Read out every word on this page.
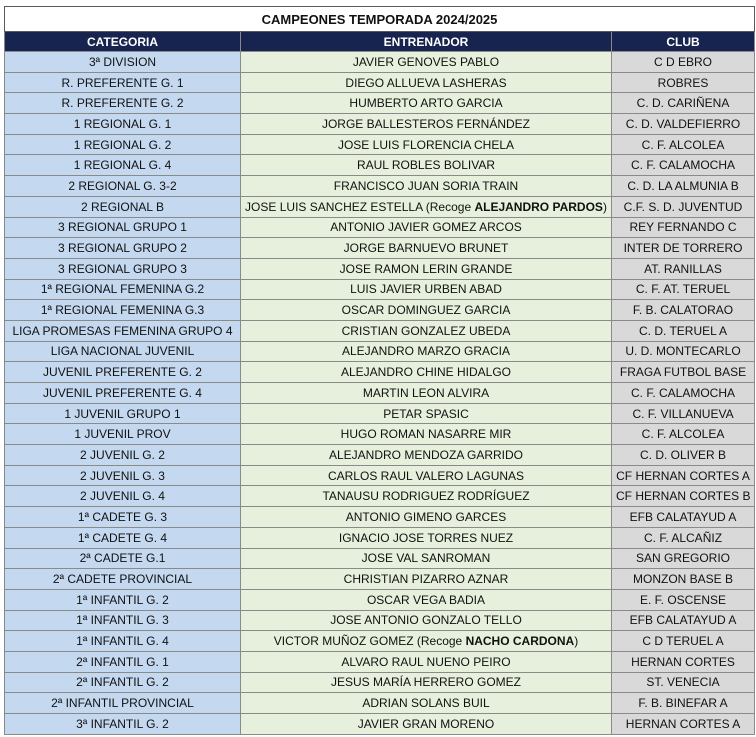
CAMPEONES TEMPORADA 2024/2025		
CATEGORIA	ENTRENADOR	CLUB
3ª DIVISION	JAVIER GENOVES PABLO	C D EBRO
R. PREFERENTE G. 1	DIEGO ALLUEVA LASHERAS	ROBRES
R. PREFERENTE G. 2	HUMBERTO ARTO GARCIA	C. D. CARIÑENA
1 REGIONAL G. 1	JORGE BALLESTEROS FERNÁNDEZ	C. D. VALDEFIERRO
1 REGIONAL G. 2	JOSE LUIS FLORENCIA CHELA	C. F. ALCOLEA
1 REGIONAL G. 4	RAUL ROBLES BOLIVAR	C. F. CALAMOCHA
2 REGIONAL G. 3-2	FRANCISCO JUAN SORIA TRAIN	C. D. LA ALMUNIA B
2 REGIONAL B	JOSE LUIS SANCHEZ ESTELLA (Recoge ALEJANDRO PARDOS)	C.F. S. D. JUVENTUD
3 REGIONAL GRUPO 1	ANTONIO JAVIER GOMEZ ARCOS	REY FERNANDO C
3 REGIONAL GRUPO 2	JORGE BARNUEVO BRUNET	INTER DE TORRERO
3 REGIONAL GRUPO 3	JOSE RAMON LERIN GRANDE	AT. RANILLAS
1ª REGIONAL FEMENINA G.2	LUIS JAVIER URBEN ABAD	C. F. AT. TERUEL
1ª REGIONAL FEMENINA G.3	OSCAR DOMINGUEZ GARCIA	F. B. CALATORAO
LIGA PROMESAS FEMENINA GRUPO 4	CRISTIAN GONZALEZ UBEDA	C. D. TERUEL A
LIGA NACIONAL JUVENIL	ALEJANDRO MARZO GRACIA	U. D. MONTECARLO
JUVENIL PREFERENTE G. 2	ALEJANDRO CHINE HIDALGO	FRAGA FUTBOL BASE
JUVENIL PREFERENTE G. 4	MARTIN LEON ALVIRA	C. F. CALAMOCHA
1 JUVENIL GRUPO 1	PETAR SPASIC	C. F. VILLANUEVA
1 JUVENIL PROV	HUGO ROMAN NASARRE MIR	C. F. ALCOLEA
2 JUVENIL G. 2	ALEJANDRO MENDOZA GARRIDO	C. D. OLIVER B
2 JUVENIL G. 3	CARLOS RAUL VALERO LAGUNAS	CF HERNAN CORTES A
2 JUVENIL G. 4	TANAUSU RODRIGUEZ RODRÍGUEZ	CF HERNAN CORTES B
1ª CADETE G. 3	ANTONIO GIMENO GARCES	EFB CALATAYUD A
1ª CADETE G. 4	IGNACIO JOSE TORRES NUEZ	C. F. ALCAÑIZ
2ª CADETE G.1	JOSE VAL SANROMAN	SAN GREGORIO
2ª CADETE PROVINCIAL	CHRISTIAN PIZARRO AZNAR	MONZON BASE B
1ª INFANTIL G. 2	OSCAR VEGA BADIA	E. F. OSCENSE
1ª INFANTIL G. 3	JOSE ANTONIO GONZALO TELLO	EFB CALATAYUD A
1ª INFANTIL G. 4	VICTOR MUÑOZ GOMEZ (Recoge NACHO CARDONA)	C D TERUEL A
2ª INFANTIL G. 1	ALVARO RAUL NUENO PEIRO	HERNAN CORTES
2ª INFANTIL G. 2	JESUS MARÍA HERRERO GOMEZ	ST. VENECIA
2ª INFANTIL PROVINCIAL	ADRIAN SOLANS BUIL	F. B. BINEFAR A
3ª INFANTIL G. 2	JAVIER GRAN MORENO	HERNAN CORTES A
